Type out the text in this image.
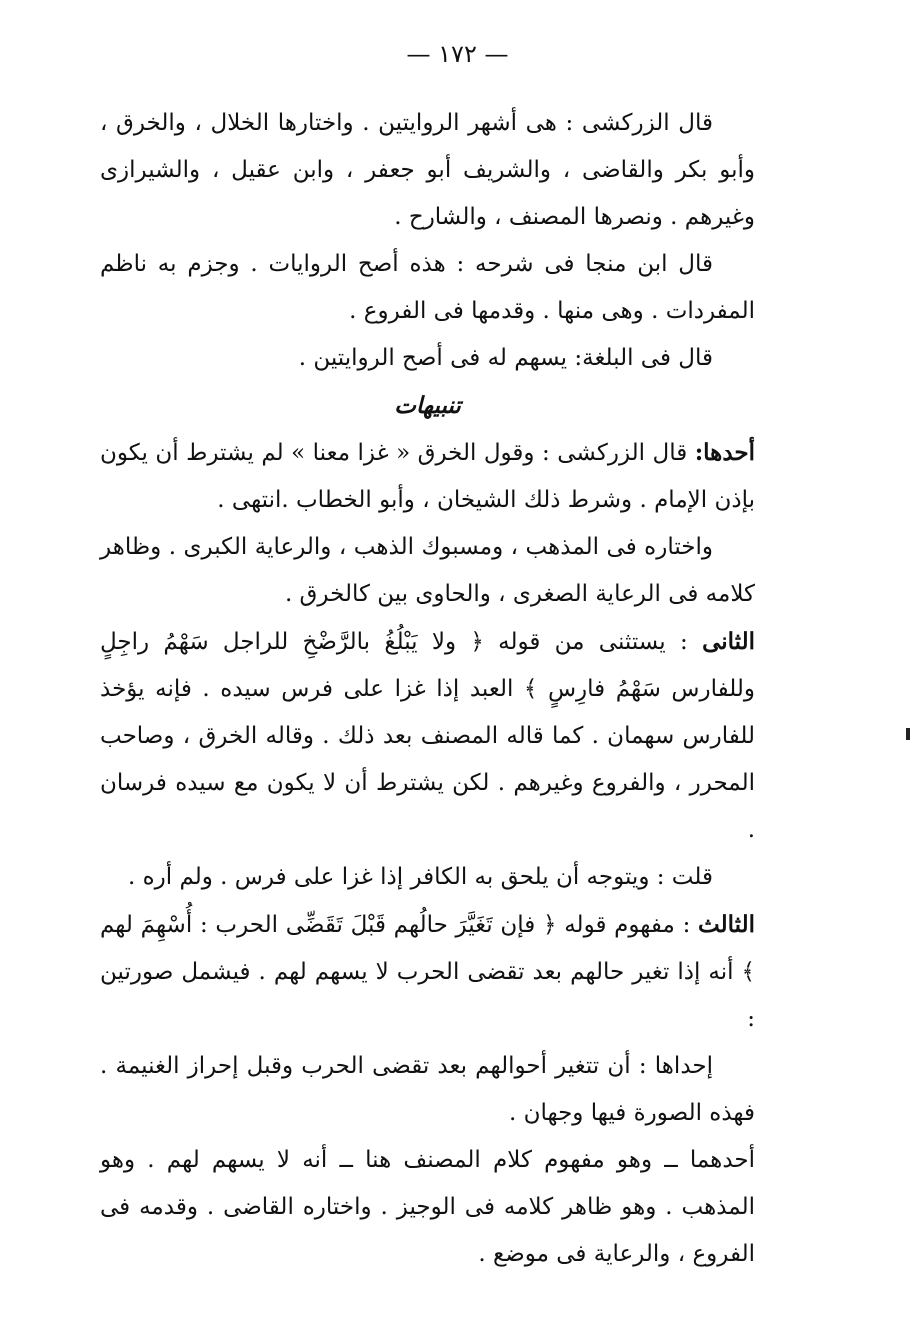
— ١٧٢ —

قال الزركشى : هى أشهر الروايتين . واختارها الخلال ، والخرق ، وأبو بكر والقاضى ، والشريف أبو جعفر ، وابن عقيل ، والشيرازى وغيرهم . ونصرها المصنف ، والشارح .

قال ابن منجا فى شرحه : هذه أصح الروايات . وجزم به ناظم المفردات . وهى منها . وقدمها فى الفروع .

قال فى البلغة: يسهم له فى أصح الروايتين .

تنبيهات

أحدها: قال الزركشى : وقول الخرق « غزا معنا » لم يشترط أن يكون بإذن الإمام . وشرط ذلك الشيخان ، وأبو الخطاب .انتهى .

واختاره فى المذهب ، ومسبوك الذهب ، والرعاية الكبرى . وظاهر كلامه فى الرعاية الصغرى ، والحاوى بين كالخرق .

الثانى : يستثنى من قوله ﴿ ولا يَبْلُغُ بالرَّضْخِ للراجل سَهْمُ راجِلٍ وللفارس سَهْمُ فارِسٍ ﴾ العبد إذا غزا على فرس سيده . فإنه يؤخذ للفارس سهمان . كما قاله المصنف بعد ذلك . وقاله الخرق ، وصاحب المحرر ، والفروع وغيرهم . لكن يشترط أن لا يكون مع سيده فرسان .

قلت : ويتوجه أن يلحق به الكافر إذا غزا على فرس . ولم أره .

الثالث : مفهوم قوله ﴿ فإن تَغَيَّرَ حالُهم قَبْلَ تَقَضِّى الحرب : أُسْهِمَ لهم ﴾ أنه إذا تغير حالهم بعد تقضى الحرب لا يسهم لهم . فيشمل صورتين :

إحداها : أن تتغير أحوالهم بعد تقضى الحرب وقبل إحراز الغنيمة . فهذه الصورة فيها وجهان .

أحدهما ــ وهو مفهوم كلام المصنف هنا ــ أنه لا يسهم لهم . وهو المذهب . وهو ظاهر كلامه فى الوجيز . واختاره القاضى . وقدمه فى الفروع ، والرعاية فى موضع .
